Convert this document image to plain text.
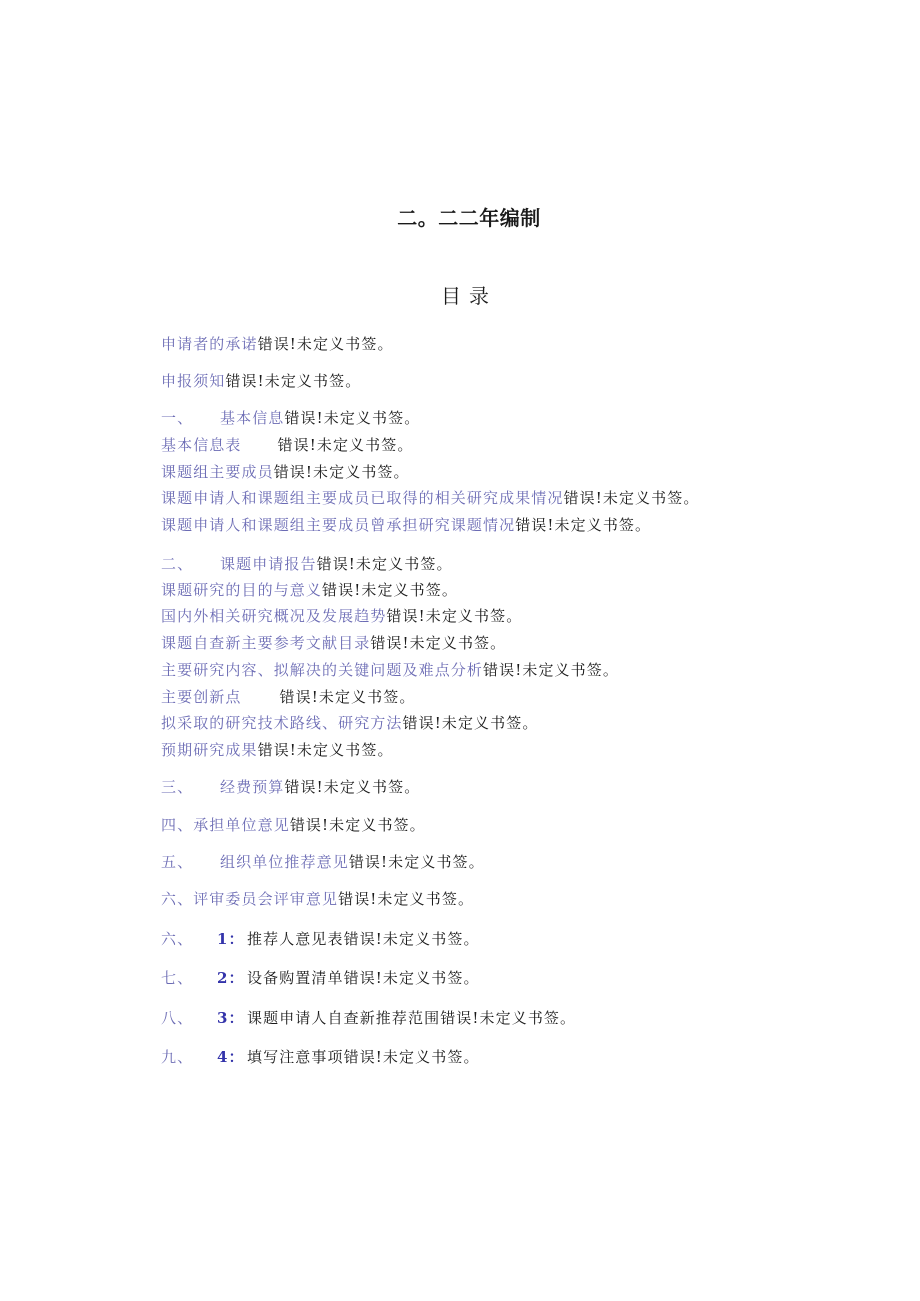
二。二二年编制
目录
申请者的承诺错误!未定义书签。
申报须知错误!未定义书签。
一、 基本信息错误!未定义书签。
基本信息表 错误!未定义书签。
课题组主要成员错误!未定义书签。
课题申请人和课题组主要成员已取得的相关研究成果情况错误!未定义书签。
课题申请人和课题组主要成员曾承担研究课题情况错误!未定义书签。
二、 课题申请报告错误!未定义书签。
课题研究的目的与意义错误!未定义书签。
国内外相关研究概况及发展趋势错误!未定义书签。
课题自查新主要参考文献目录错误!未定义书签。
主要研究内容、拟解决的关键问题及难点分析错误!未定义书签。
主要创新点	错误!未定义书签。
拟采取的研究技术路线、研究方法错误!未定义书签。
预期研究成果错误!未定义书签。
三、 经费预算错误!未定义书签。
四、承担单位意见错误!未定义书签。
五、 组织单位推荐意见错误!未定义书签。
六、评审委员会评审意见错误!未定义书签。
六、 1： 推荐人意见表错误!未定义书签。
七、 2： 设备购置清单错误!未定义书签。
八、 3： 课题申请人自查新推荐范围错误!未定义书签。
九、 4： 填写注意事项错误!未定义书签。
